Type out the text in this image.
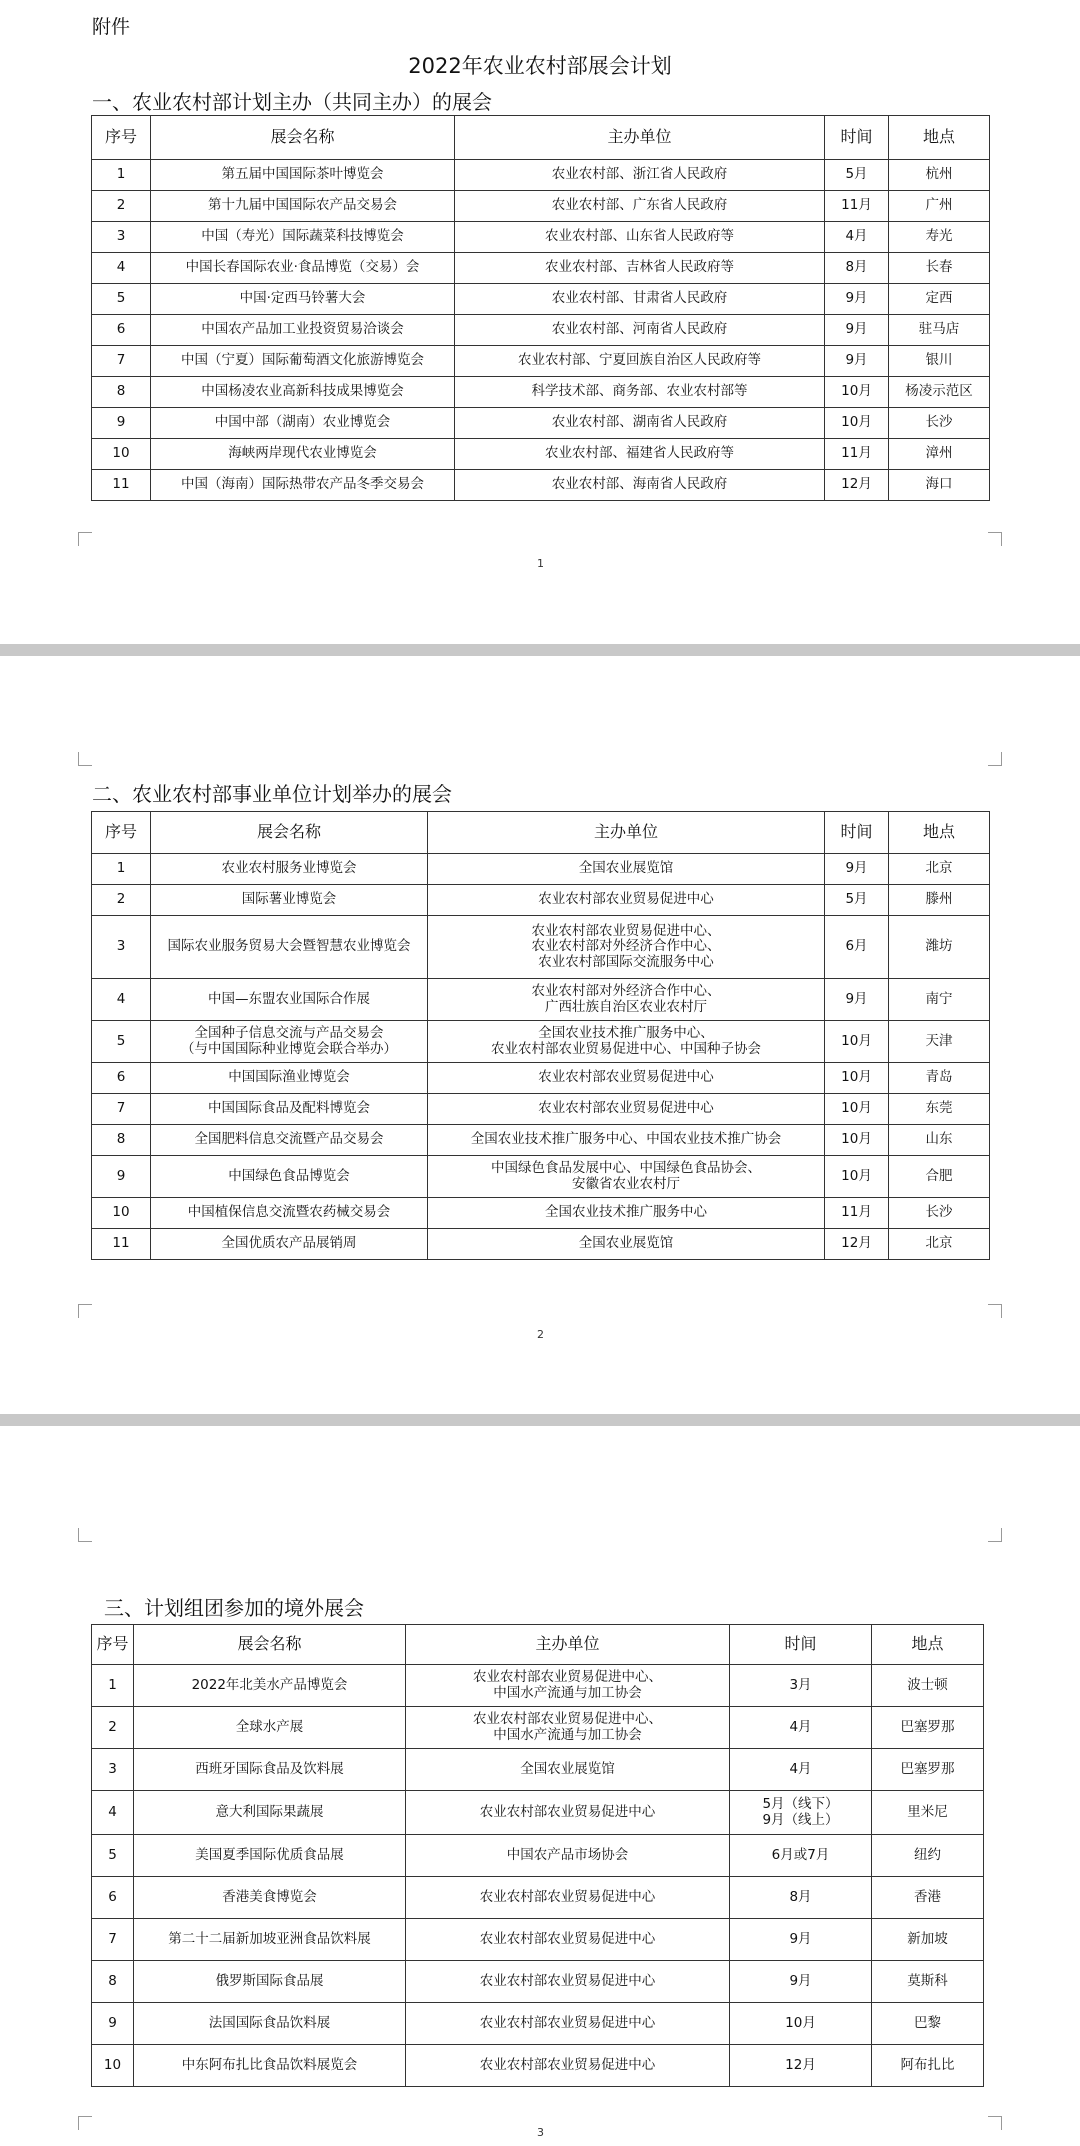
附件
2022年农业农村部展会计划
一、农业农村部计划主办（共同主办）的展会
序号	展会名称	主办单位	时间	地点
1	第五届中国国际茶叶博览会	农业农村部、浙江省人民政府	5月	杭州
2	第十九届中国国际农产品交易会	农业农村部、广东省人民政府	11月	广州
3	中国（寿光）国际蔬菜科技博览会	农业农村部、山东省人民政府等	4月	寿光
4	中国长春国际农业·食品博览（交易）会	农业农村部、吉林省人民政府等	8月	长春
5	中国·定西马铃薯大会	农业农村部、甘肃省人民政府	9月	定西
6	中国农产品加工业投资贸易洽谈会	农业农村部、河南省人民政府	9月	驻马店
7	中国（宁夏）国际葡萄酒文化旅游博览会	农业农村部、宁夏回族自治区人民政府等	9月	银川
8	中国杨凌农业高新科技成果博览会	科学技术部、商务部、农业农村部等	10月	杨凌示范区
9	中国中部（湖南）农业博览会	农业农村部、湖南省人民政府	10月	长沙
10	海峡两岸现代农业博览会	农业农村部、福建省人民政府等	11月	漳州
11	中国（海南）国际热带农产品冬季交易会	农业农村部、海南省人民政府	12月	海口
1
二、农业农村部事业单位计划举办的展会
序号	展会名称	主办单位	时间	地点
1	农业农村服务业博览会	全国农业展览馆	9月	北京
2	国际薯业博览会	农业农村部农业贸易促进中心	5月	滕州
3	国际农业服务贸易大会暨智慧农业博览会	农业农村部农业贸易促进中心、
农业农村部对外经济合作中心、
农业农村部国际交流服务中心	6月	潍坊
4	中国—东盟农业国际合作展	农业农村部对外经济合作中心、
广西壮族自治区农业农村厅	9月	南宁
5	全国种子信息交流与产品交易会
（与中国国际种业博览会联合举办）	全国农业技术推广服务中心、
农业农村部农业贸易促进中心、中国种子协会	10月	天津
6	中国国际渔业博览会	农业农村部农业贸易促进中心	10月	青岛
7	中国国际食品及配料博览会	农业农村部农业贸易促进中心	10月	东莞
8	全国肥料信息交流暨产品交易会	全国农业技术推广服务中心、中国农业技术推广协会	10月	山东
9	中国绿色食品博览会	中国绿色食品发展中心、中国绿色食品协会、
安徽省农业农村厅	10月	合肥
10	中国植保信息交流暨农药械交易会	全国农业技术推广服务中心	11月	长沙
11	全国优质农产品展销周	全国农业展览馆	12月	北京
2
三、计划组团参加的境外展会
序号	展会名称	主办单位	时间	地点
1	2022年北美水产品博览会	农业农村部农业贸易促进中心、
中国水产流通与加工协会	3月	波士顿
2	全球水产展	农业农村部农业贸易促进中心、
中国水产流通与加工协会	4月	巴塞罗那
3	西班牙国际食品及饮料展	全国农业展览馆	4月	巴塞罗那
4	意大利国际果蔬展	农业农村部农业贸易促进中心	5月（线下）
9月（线上）	里米尼
5	美国夏季国际优质食品展	中国农产品市场协会	6月或7月	纽约
6	香港美食博览会	农业农村部农业贸易促进中心	8月	香港
7	第二十二届新加坡亚洲食品饮料展	农业农村部农业贸易促进中心	9月	新加坡
8	俄罗斯国际食品展	农业农村部农业贸易促进中心	9月	莫斯科
9	法国国际食品饮料展	农业农村部农业贸易促进中心	10月	巴黎
10	中东阿布扎比食品饮料展览会	农业农村部农业贸易促进中心	12月	阿布扎比
3
